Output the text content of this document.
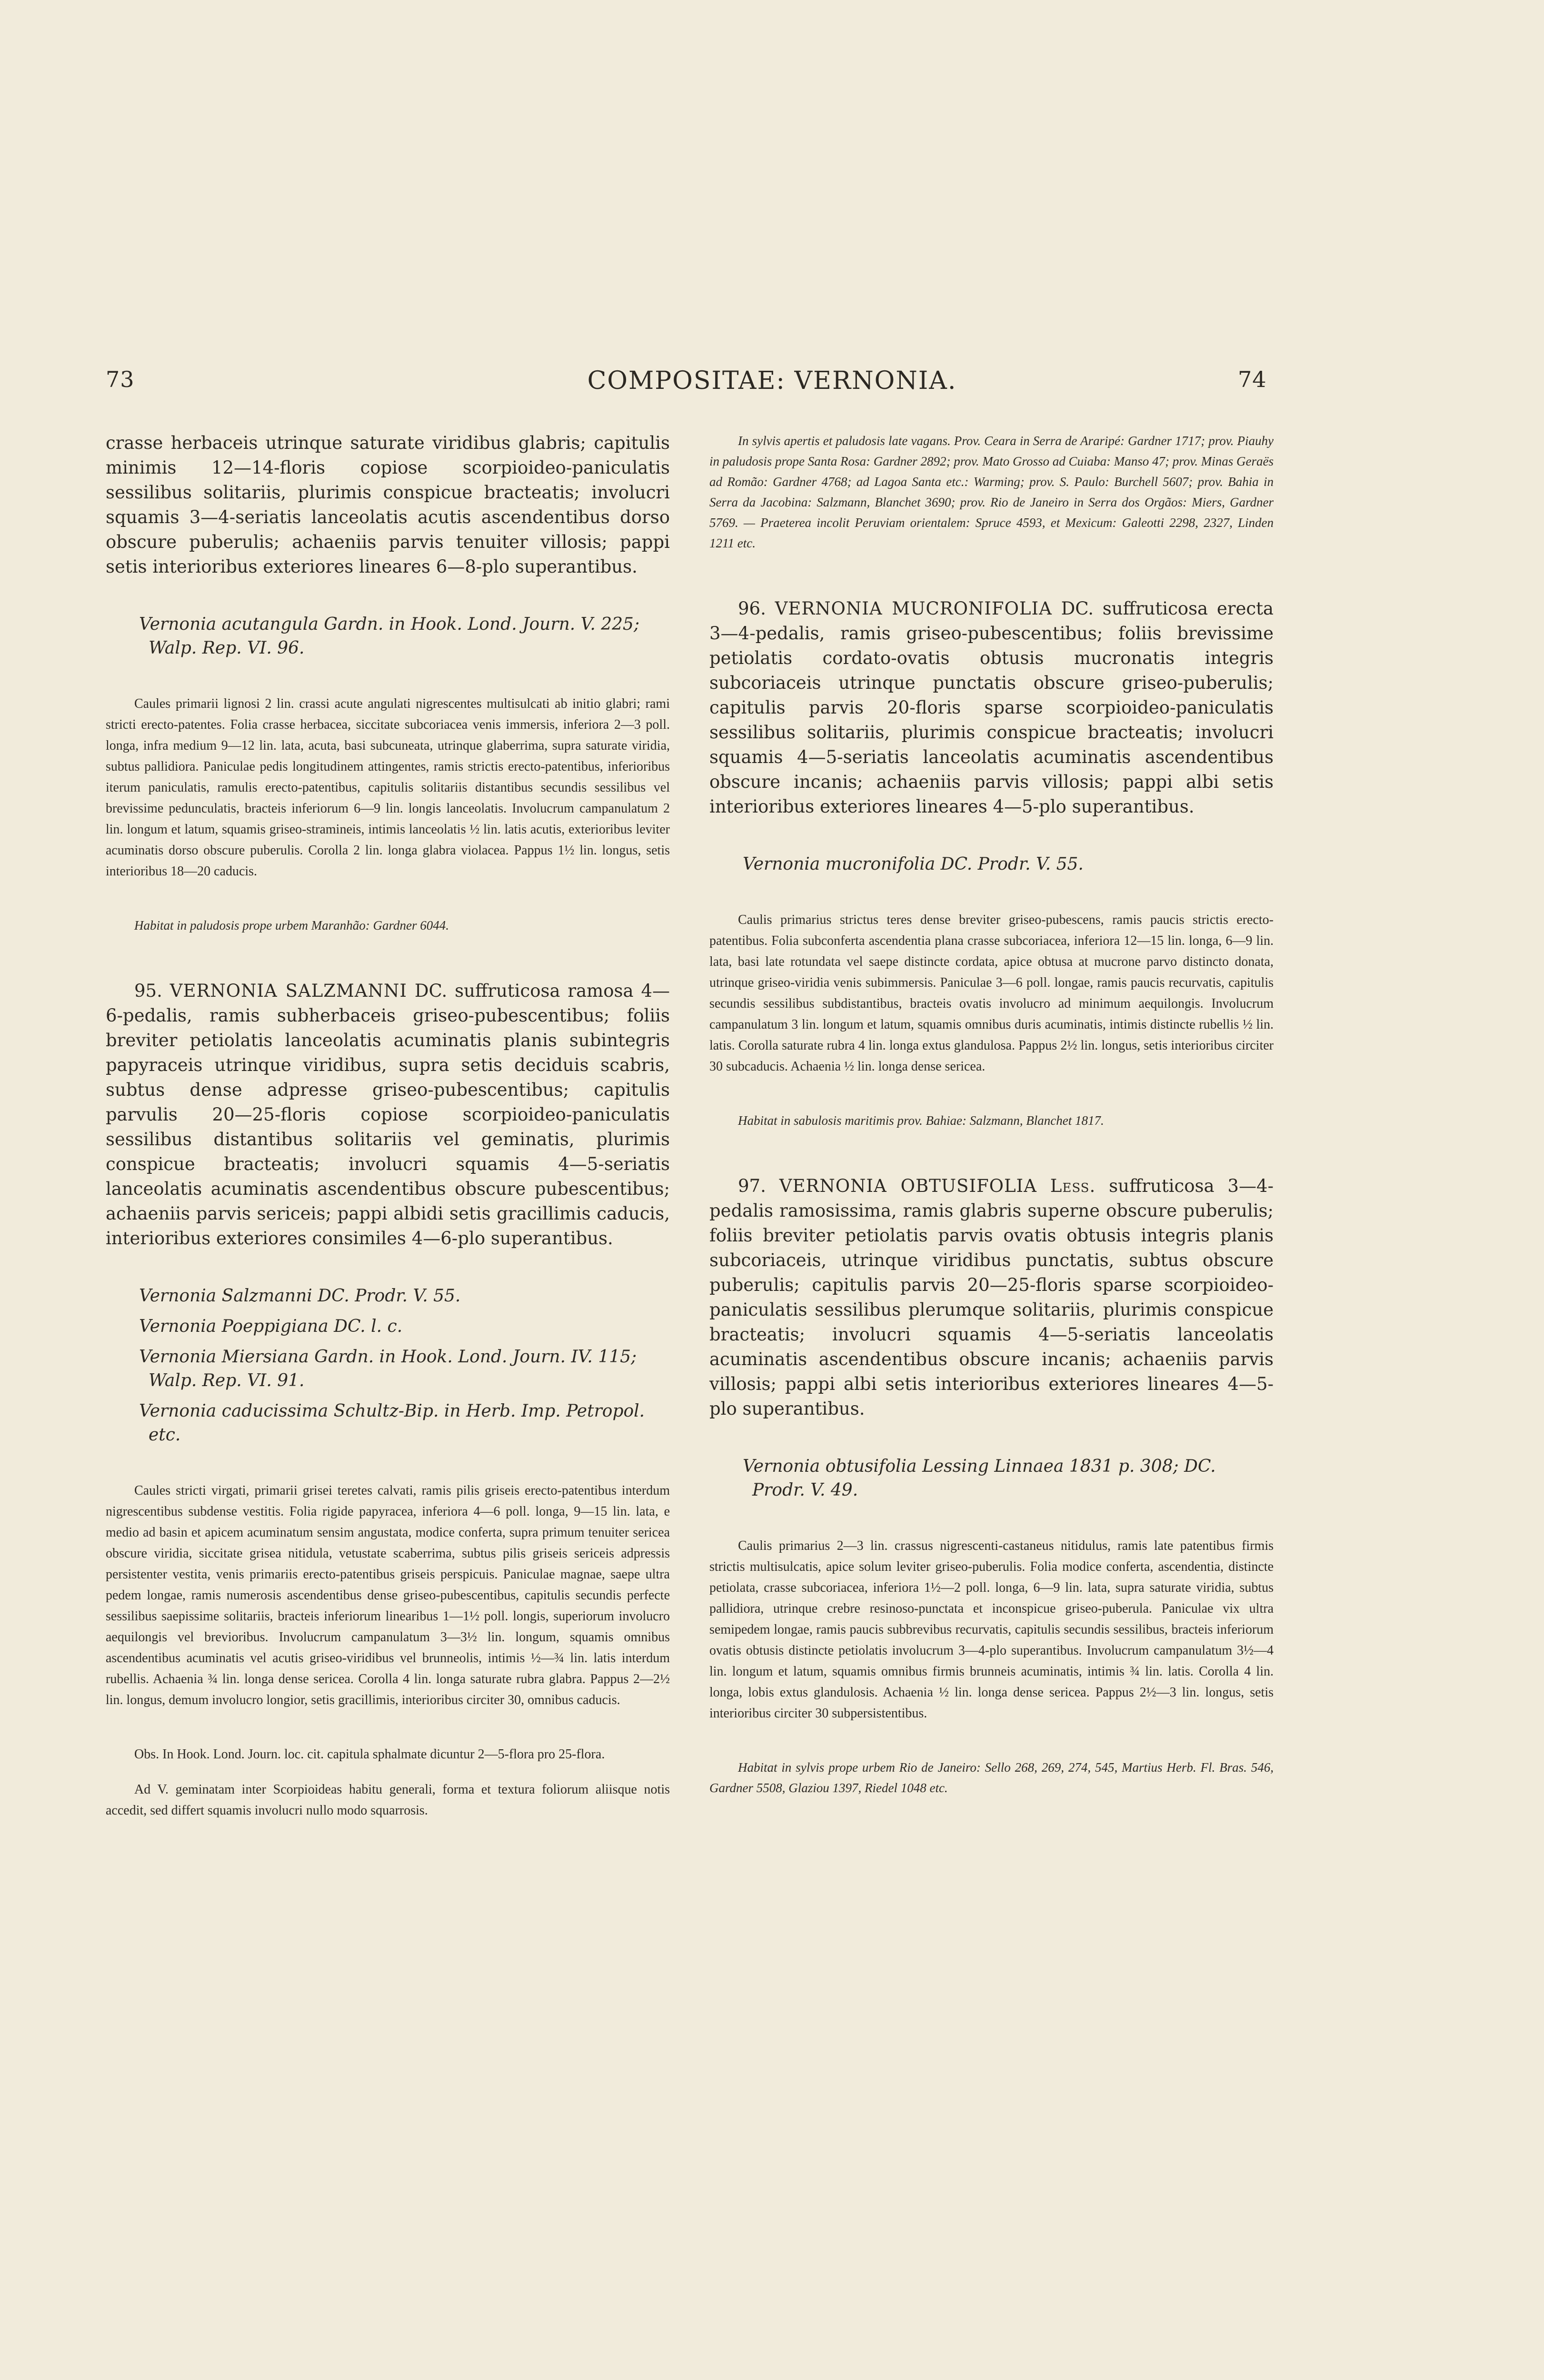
73	COMPOSITAE: VERNONIA.	74

crasse herbaceis utrinque saturate viridibus glabris; capitulis minimis 12—14-floris copiose scorpioideo-paniculatis sessilibus solitariis, plurimis conspicue bracteatis; involucri squamis 3—4-seriatis lanceolatis acutis ascendentibus dorso obscure puberulis; achaeniis parvis tenuiter villosis; pappi setis interioribus exteriores lineares 6—8-plo superantibus.

Vernonia acutangula Gardn. in Hook. Lond. Journ. V. 225; Walp. Rep. VI. 96.

Caules primarii lignosi 2 lin. crassi acute angulati nigrescentes multisulcati ab initio glabri; rami stricti erecto-patentes. Folia crasse herbacea, siccitate subcoriacea venis immersis, inferiora 2—3 poll. longa, infra medium 9—12 lin. lata, acuta, basi subcuneata, utrinque glaberrima, supra saturate viridia, subtus pallidiora. Paniculae pedis longitudinem attingentes, ramis strictis erecto-patentibus, inferioribus iterum paniculatis, ramulis erecto-patentibus, capitulis solitariis distantibus secundis sessilibus vel brevissime pedunculatis, bracteis inferiorum 6—9 lin. longis lanceolatis. Involucrum campanulatum 2 lin. longum et latum, squamis griseo-stramineis, intimis lanceolatis ½ lin. latis acutis, exterioribus leviter acuminatis dorso obscure puberulis. Corolla 2 lin. longa glabra violacea. Pappus 1½ lin. longus, setis interioribus 18—20 caducis.

Habitat in paludosis prope urbem Maranhão: Gardner 6044.

95. VERNONIA SALZMANNI DC. suffruticosa ramosa 4—6-pedalis, ramis subherbaceis griseo-pubescentibus; foliis breviter petiolatis lanceolatis acuminatis planis subintegris papyraceis utrinque viridibus, supra setis deciduis scabris, subtus dense adpresse griseo-pubescentibus; capitulis parvulis 20—25-floris copiose scorpioideo-paniculatis sessilibus distantibus solitariis vel geminatis, plurimis conspicue bracteatis; involucri squamis 4—5-seriatis lanceolatis acuminatis ascendentibus obscure pubescentibus; achaeniis parvis sericeis; pappi albidi setis gracillimis caducis, interioribus exteriores consimiles 4—6-plo superantibus.

Vernonia Salzmanni DC. Prodr. V. 55.

Vernonia Poeppigiana DC. l. c.

Vernonia Miersiana Gardn. in Hook. Lond. Journ. IV. 115; Walp. Rep. VI. 91.

Vernonia caducissima Schultz-Bip. in Herb. Imp. Petropol. etc.

Caules stricti virgati, primarii grisei teretes calvati, ramis pilis griseis erecto-patentibus interdum nigrescentibus subdense vestitis. Folia rigide papyracea, inferiora 4—6 poll. longa, 9—15 lin. lata, e medio ad basin et apicem acuminatum sensim angustata, modice conferta, supra primum tenuiter sericea obscure viridia, siccitate grisea nitidula, vetustate scaberrima, subtus pilis griseis sericeis adpressis persistenter vestita, venis primariis erecto-patentibus griseis perspicuis. Paniculae magnae, saepe ultra pedem longae, ramis numerosis ascendentibus dense griseo-pubescentibus, capitulis secundis perfecte sessilibus saepissime solitariis, bracteis inferiorum linearibus 1—1½ poll. longis, superiorum involucro aequilongis vel brevioribus. Involucrum campanulatum 3—3½ lin. longum, squamis omnibus ascendentibus acuminatis vel acutis griseo-viridibus vel brunneolis, intimis ½—¾ lin. latis interdum rubellis. Achaenia ¾ lin. longa dense sericea. Corolla 4 lin. longa saturate rubra glabra. Pappus 2—2½ lin. longus, demum involucro longior, setis gracillimis, interioribus circiter 30, omnibus caducis.

Obs. In Hook. Lond. Journ. loc. cit. capitula sphalmate dicuntur 2—5-flora pro 25-flora.

Ad V. geminatam inter Scorpioideas habitu generali, forma et textura foliorum aliisque notis accedit, sed differt squamis involucri nullo modo squarrosis.

In sylvis apertis et paludosis late vagans. Prov. Ceara in Serra de Araripé: Gardner 1717; prov. Piauhy in paludosis prope Santa Rosa: Gardner 2892; prov. Mato Grosso ad Cuiaba: Manso 47; prov. Minas Geraës ad Romão: Gardner 4768; ad Lagoa Santa etc.: Warming; prov. S. Paulo: Burchell 5607; prov. Bahia in Serra da Jacobina: Salzmann, Blanchet 3690; prov. Rio de Janeiro in Serra dos Orgãos: Miers, Gardner 5769. — Praeterea incolit Peruviam orientalem: Spruce 4593, et Mexicum: Galeotti 2298, 2327, Linden 1211 etc.

96. VERNONIA MUCRONIFOLIA DC. suffruticosa erecta 3—4-pedalis, ramis griseo-pubescentibus; foliis brevissime petiolatis cordato-ovatis obtusis mucronatis integris subcoriaceis utrinque punctatis obscure griseo-puberulis; capitulis parvis 20-floris sparse scorpioideo-paniculatis sessilibus solitariis, plurimis conspicue bracteatis; involucri squamis 4—5-seriatis lanceolatis acuminatis ascendentibus obscure incanis; achaeniis parvis villosis; pappi albi setis interioribus exteriores lineares 4—5-plo superantibus.

Vernonia mucronifolia DC. Prodr. V. 55.

Caulis primarius strictus teres dense breviter griseo-pubescens, ramis paucis strictis erecto-patentibus. Folia subconferta ascendentia plana crasse subcoriacea, inferiora 12—15 lin. longa, 6—9 lin. lata, basi late rotundata vel saepe distincte cordata, apice obtusa at mucrone parvo distincto donata, utrinque griseo-viridia venis subimmersis. Paniculae 3—6 poll. longae, ramis paucis recurvatis, capitulis secundis sessilibus subdistantibus, bracteis ovatis involucro ad minimum aequilongis. Involucrum campanulatum 3 lin. longum et latum, squamis omnibus duris acuminatis, intimis distincte rubellis ½ lin. latis. Corolla saturate rubra 4 lin. longa extus glandulosa. Pappus 2½ lin. longus, setis interioribus circiter 30 subcaducis. Achaenia ½ lin. longa dense sericea.

Habitat in sabulosis maritimis prov. Bahiae: Salzmann, Blanchet 1817.

97. VERNONIA OBTUSIFOLIA Less. suffruticosa 3—4-pedalis ramosissima, ramis glabris superne obscure puberulis; foliis breviter petiolatis parvis ovatis obtusis integris planis subcoriaceis, utrinque viridibus punctatis, subtus obscure puberulis; capitulis parvis 20—25-floris sparse scorpioideo-paniculatis sessilibus plerumque solitariis, plurimis conspicue bracteatis; involucri squamis 4—5-seriatis lanceolatis acuminatis ascendentibus obscure incanis; achaeniis parvis villosis; pappi albi setis interioribus exteriores lineares 4—5-plo superantibus.

Vernonia obtusifolia Lessing Linnaea 1831 p. 308; DC. Prodr. V. 49.

Caulis primarius 2—3 lin. crassus nigrescenti-castaneus nitidulus, ramis late patentibus firmis strictis multisulcatis, apice solum leviter griseo-puberulis. Folia modice conferta, ascendentia, distincte petiolata, crasse subcoriacea, inferiora 1½—2 poll. longa, 6—9 lin. lata, supra saturate viridia, subtus pallidiora, utrinque crebre resinoso-punctata et inconspicue griseo-puberula. Paniculae vix ultra semipedem longae, ramis paucis subbrevibus recurvatis, capitulis secundis sessilibus, bracteis inferiorum ovatis obtusis distincte petiolatis involucrum 3—4-plo superantibus. Involucrum campanulatum 3½—4 lin. longum et latum, squamis omnibus firmis brunneis acuminatis, intimis ¾ lin. latis. Corolla 4 lin. longa, lobis extus glandulosis. Achaenia ½ lin. longa dense sericea. Pappus 2½—3 lin. longus, setis interioribus circiter 30 subpersistentibus.

Habitat in sylvis prope urbem Rio de Janeiro: Sello 268, 269, 274, 545, Martius Herb. Fl. Bras. 546, Gardner 5508, Glaziou 1397, Riedel 1048 etc.
